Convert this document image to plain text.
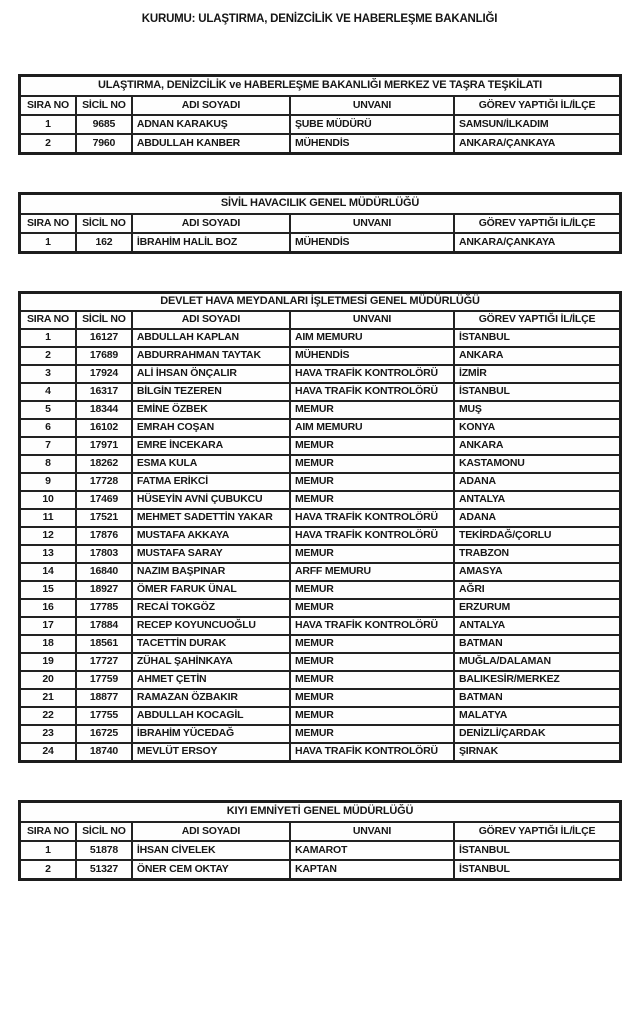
KURUMU: ULAŞTIRMA, DENİZCİLİK VE HABERLEŞME BAKANLIĞI
ULAŞTIRMA, DENİZCİLİK ve HABERLEŞME BAKANLIĞI MERKEZ VE TAŞRA TEŞKİLATI				
SIRA NO	SİCİL NO	ADI SOYADI	UNVANI	GÖREV YAPTIĞI İL/İLÇE
1	9685	ADNAN KARAKUŞ	ŞUBE MÜDÜRÜ	SAMSUN/İLKADIM
2	7960	ABDULLAH KANBER	MÜHENDİS	ANKARA/ÇANKAYA
SİVİL HAVACILIK GENEL MÜDÜRLÜĞÜ				
SIRA NO	SİCİL NO	ADI SOYADI	UNVANI	GÖREV YAPTIĞI İL/İLÇE
1	162	İBRAHİM HALİL BOZ	MÜHENDİS	ANKARA/ÇANKAYA
DEVLET HAVA MEYDANLARI İŞLETMESİ GENEL MÜDÜRLÜĞÜ				
SIRA NO	SİCİL NO	ADI SOYADI	UNVANI	GÖREV YAPTIĞI İL/İLÇE
1	16127	ABDULLAH KAPLAN	AIM MEMURU	İSTANBUL
2	17689	ABDURRAHMAN TAYTAK	MÜHENDİS	ANKARA
3	17924	ALİ İHSAN ÖNÇALIR	HAVA TRAFİK KONTROLÖRÜ	İZMİR
4	16317	BİLGİN TEZEREN	HAVA TRAFİK KONTROLÖRÜ	İSTANBUL
5	18344	EMİNE ÖZBEK	MEMUR	MUŞ
6	16102	EMRAH COŞAN	AIM MEMURU	KONYA
7	17971	EMRE İNCEKARA	MEMUR	ANKARA
8	18262	ESMA KULA	MEMUR	KASTAMONU
9	17728	FATMA ERİKCİ	MEMUR	ADANA
10	17469	HÜSEYİN AVNİ ÇUBUKCU	MEMUR	ANTALYA
11	17521	MEHMET SADETTİN YAKAR	HAVA TRAFİK KONTROLÖRÜ	ADANA
12	17876	MUSTAFA AKKAYA	HAVA TRAFİK KONTROLÖRÜ	TEKİRDAĞ/ÇORLU
13	17803	MUSTAFA SARAY	MEMUR	TRABZON
14	16840	NAZIM BAŞPINAR	ARFF MEMURU	AMASYA
15	18927	ÖMER FARUK ÜNAL	MEMUR	AĞRI
16	17785	RECAİ TOKGÖZ	MEMUR	ERZURUM
17	17884	RECEP KOYUNCUOĞLU	HAVA TRAFİK KONTROLÖRÜ	ANTALYA
18	18561	TACETTİN DURAK	MEMUR	BATMAN
19	17727	ZÜHAL ŞAHİNKAYA	MEMUR	MUĞLA/DALAMAN
20	17759	AHMET ÇETİN	MEMUR	BALIKESİR/MERKEZ
21	18877	RAMAZAN ÖZBAKIR	MEMUR	BATMAN
22	17755	ABDULLAH KOCAGİL	MEMUR	MALATYA
23	16725	İBRAHİM YÜCEDAĞ	MEMUR	DENİZLİ/ÇARDAK
24	18740	MEVLÜT ERSOY	HAVA TRAFİK KONTROLÖRÜ	ŞIRNAK
KIYI EMNİYETİ GENEL MÜDÜRLÜĞÜ				
SIRA NO	SİCİL NO	ADI SOYADI	UNVANI	GÖREV YAPTIĞI İL/İLÇE
1	51878	İHSAN CİVELEK	KAMAROT	İSTANBUL
2	51327	ÖNER CEM OKTAY	KAPTAN	İSTANBUL
